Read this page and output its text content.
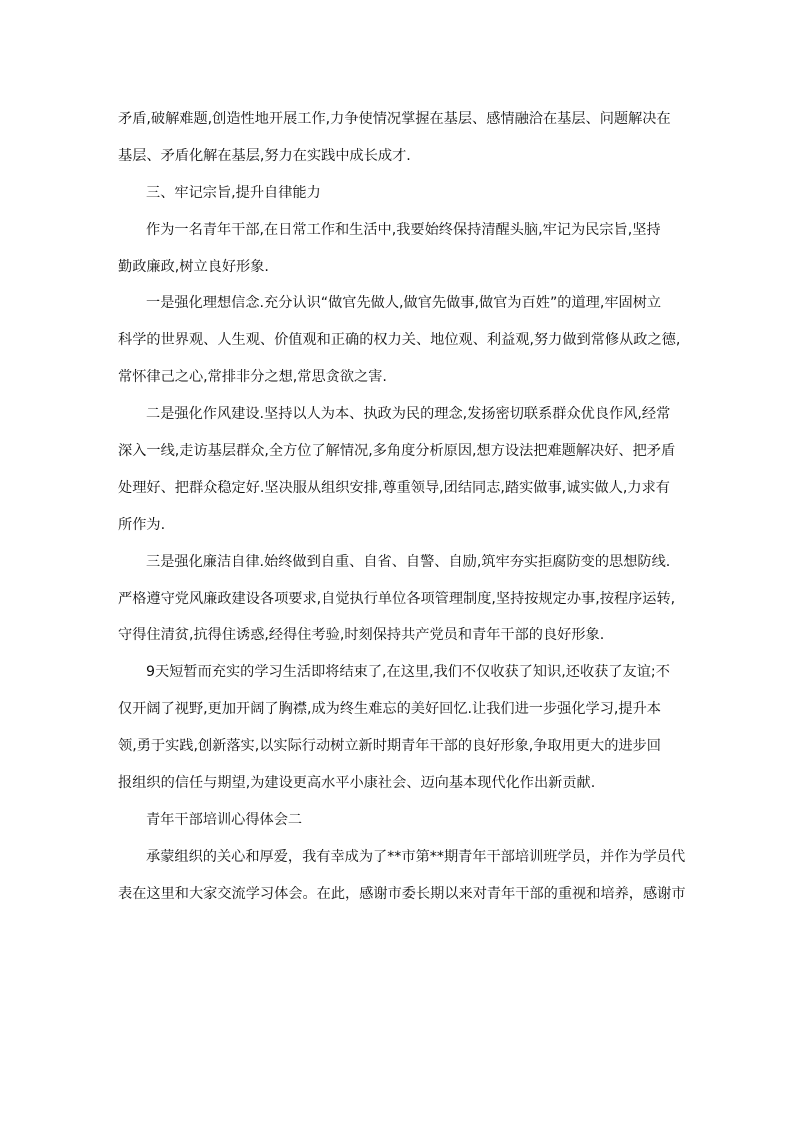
矛盾,破解难题,创造性地开展工作,力争使情况掌握在基层、感情融洽在基层、问题解决在
基层、矛盾化解在基层,努力在实践中成长成才.
三、牢记宗旨,提升自律能力
作为一名青年干部,在日常工作和生活中,我要始终保持清醒头脑,牢记为民宗旨,坚持
勤政廉政,树立良好形象.
一是强化理想信念.充分认识“做官先做人,做官先做事,做官为百姓”的道理,牢固树立
科学的世界观、人生观、价值观和正确的权力关、地位观、利益观,努力做到常修从政之德,
常怀律己之心,常排非分之想,常思贪欲之害.
二是强化作风建设.坚持以人为本、执政为民的理念,发扬密切联系群众优良作风,经常
深入一线,走访基层群众,全方位了解情况,多角度分析原因,想方设法把难题解决好、把矛盾
处理好、把群众稳定好.坚决服从组织安排,尊重领导,团结同志,踏实做事,诚实做人,力求有
所作为.
三是强化廉洁自律.始终做到自重、自省、自警、自励,筑牢夯实拒腐防变的思想防线.
严格遵守党风廉政建设各项要求,自觉执行单位各项管理制度,坚持按规定办事,按程序运转,
守得住清贫,抗得住诱惑,经得住考验,时刻保持共产党员和青年干部的良好形象.
9天短暂而充实的学习生活即将结束了,在这里,我们不仅收获了知识,还收获了友谊;不
仅开阔了视野,更加开阔了胸襟,成为终生难忘的美好回忆.让我们进一步强化学习,提升本
领,勇于实践,创新落实,以实际行动树立新时期青年干部的良好形象,争取用更大的进步回
报组织的信任与期望,为建设更高水平小康社会、迈向基本现代化作出新贡献.
青年干部培训心得体会二
承蒙组织的关心和厚爱，我有幸成为了**市第**期青年干部培训班学员，并作为学员代
表在这里和大家交流学习体会。在此，感谢市委长期以来对青年干部的重视和培养，感谢市
